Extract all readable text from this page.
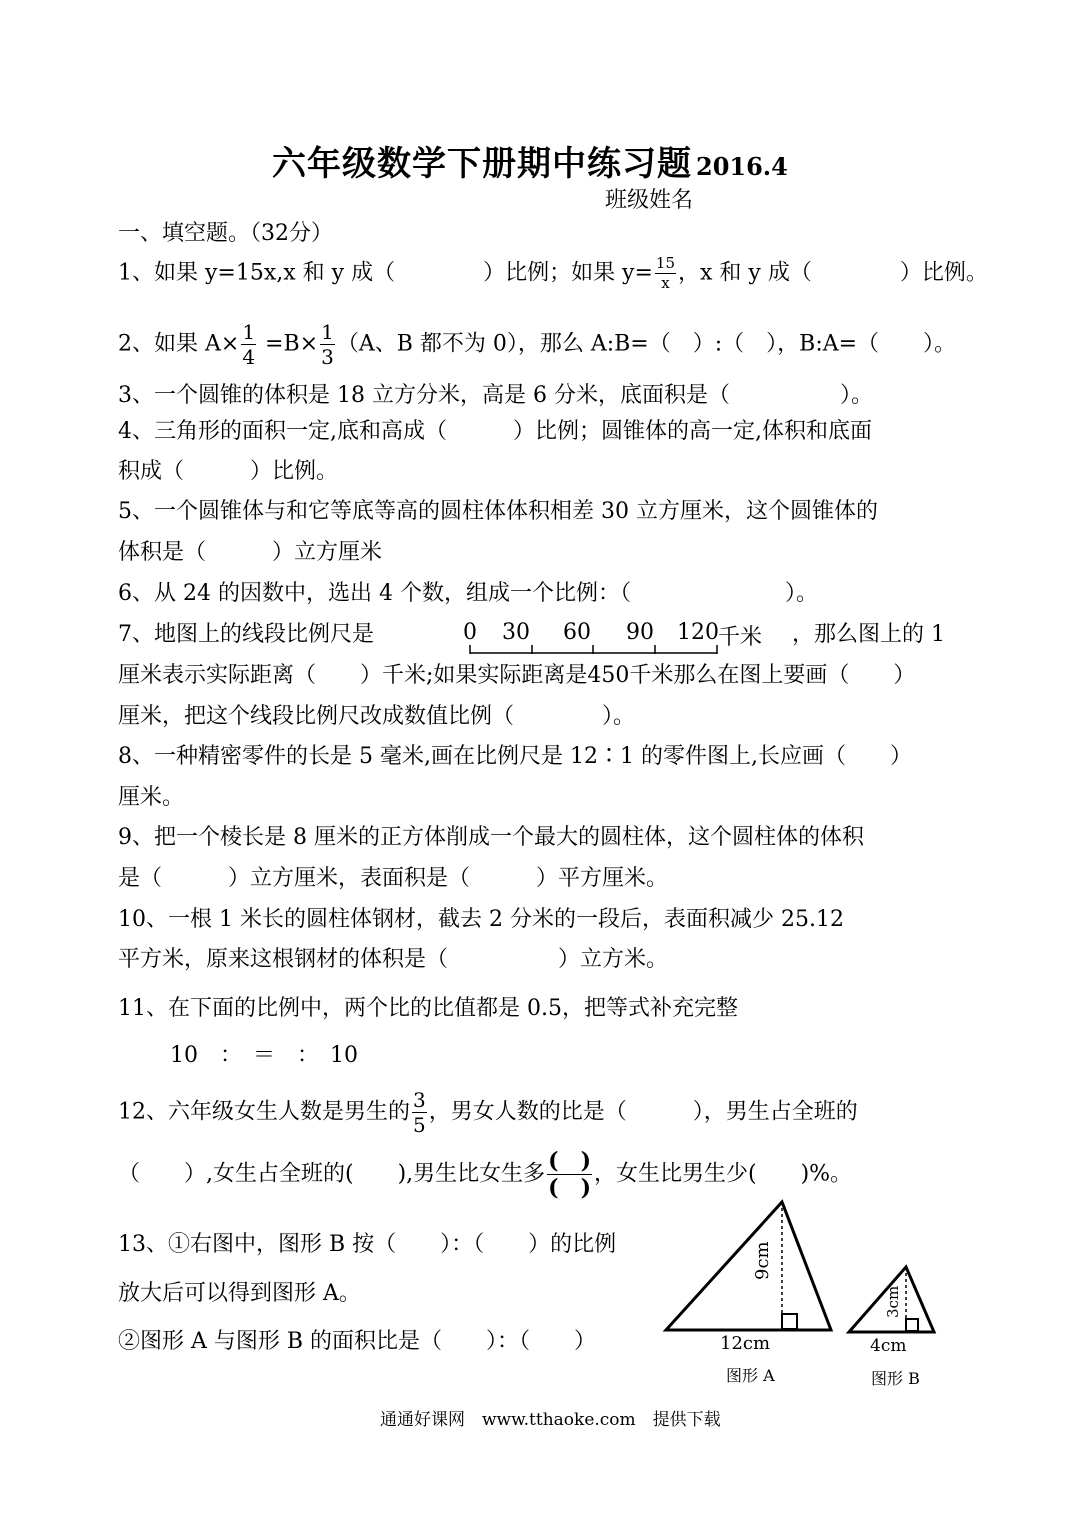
六年级数学下册期中练习题 2016.4
班级姓名
一、填空题。（32分）
1、如果 y=15x,x 和 y 成（　　　　）比例；如果 $y= \frac{15}{x}$ ，x 和 y 成（　　　　）比例。
2、如果 $A\times \frac{1}{4} =B\times \frac{1}{3} (A$、B 都不为 0），那么 A:B=（　）:（　），B:A=（　　）。
3、一个圆锥的体积是 18 立方分米，高是 6 分米，底面积是（　　　　　）。
4、三角形的面积一定,底和高成（　　　）比例；圆锥体的高一定,体积和底面
积成（　　　）比例。
5、一个圆锥体与和它等底等高的圆柱体体积相差 30 立方厘米，这个圆锥体的
体积是（　　　）立方厘米
6、从 24 的因数中，选出 4 个数，组成一个比例：（　　　　　　　）。
7、地图上的线段比例尺是	0 30 60 90 120 千米 ，那么图上的 1
厘米表示实际距离（　　）千米;如果实际距离是450千米那么在图上要画（　　）
厘米，把这个线段比例尺改成数值比例（　　　　）。
8、一种精密零件的长是 5 毫米,画在比例尺是 12∶1 的零件图上,长应画（　　）
厘米。
9、把一个棱长是 8 厘米的正方体削成一个最大的圆柱体，这个圆柱体的体积
是（　　　）立方厘米，表面积是（　　　）平方厘米。
10、一根 1 米长的圆柱体钢材，截去 2 分米的一段后，表面积减少 25.12
平方米，原来这根钢材的体积是（　　　　　）立方米。
11、在下面的比例中，两个比的比值都是 0.5，把等式补充完整
10　：　＝　：　10
12、六年级女生人数是男生的 $\frac{3}{5}$ ，男女人数的比是（　　　），男生占全班的
（　　）,女生占全班的(　　),男生比女生多 $\frac{( )}{( )}$ ，女生比男生少(　　)%。
13、①右图中，图形 B 按（　　）：（　　）的比例
放大后可以得到图形 A。
②图形 A 与图形 B 的面积比是（　　）：（　　）
9cm
12cm
图形 A
3cm
4cm
图形 B
通通好课网　www.tthaoke.com　提供下载
